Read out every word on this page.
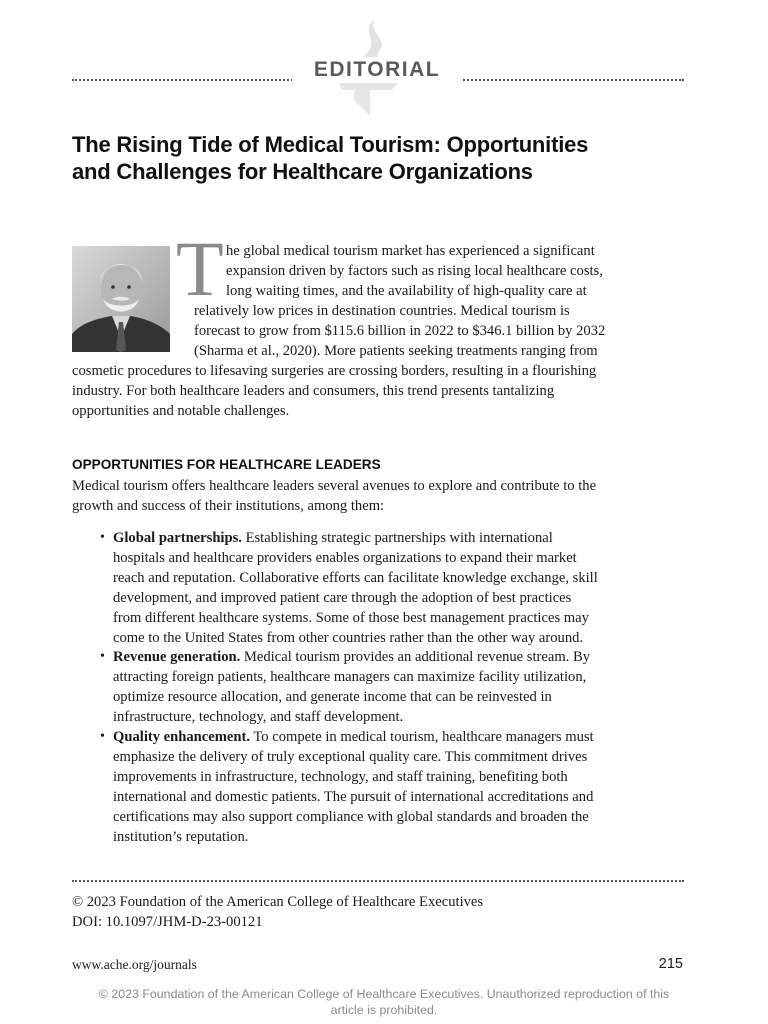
EDITORIAL
The Rising Tide of Medical Tourism: Opportunities
and Challenges for Healthcare Organizations
T he global medical tourism market has experienced a significant
expansion driven by factors such as rising local healthcare costs,
long waiting times, and the availability of high-quality care at
relatively low prices in destination countries. Medical tourism is
forecast to grow from $115.6 billion in 2022 to $346.1 billion by 2032
(Sharma et al., 2020). More patients seeking treatments ranging from
cosmetic procedures to lifesaving surgeries are crossing borders, resulting in a flourishing
industry. For both healthcare leaders and consumers, this trend presents tantalizing
opportunities and notable challenges.
OPPORTUNITIES FOR HEALTHCARE LEADERS
Medical tourism offers healthcare leaders several avenues to explore and contribute to the
growth and success of their institutions, among them:
• Global partnerships. Establishing strategic partnerships with international
hospitals and healthcare providers enables organizations to expand their market
reach and reputation. Collaborative efforts can facilitate knowledge exchange, skill
development, and improved patient care through the adoption of best practices
from different healthcare systems. Some of those best management practices may
come to the United States from other countries rather than the other way around.
• Revenue generation. Medical tourism provides an additional revenue stream. By
attracting foreign patients, healthcare managers can maximize facility utilization,
optimize resource allocation, and generate income that can be reinvested in
infrastructure, technology, and staff development.
• Quality enhancement. To compete in medical tourism, healthcare managers must
emphasize the delivery of truly exceptional quality care. This commitment drives
improvements in infrastructure, technology, and staff training, benefiting both
international and domestic patients. The pursuit of international accreditations and
certifications may also support compliance with global standards and broaden the
institution’s reputation.
© 2023 Foundation of the American College of Healthcare Executives
DOI: 10.1097/JHM-D-23-00121
www.ache.org/journals	215
© 2023 Foundation of the American College of Healthcare Executives. Unauthorized reproduction of this
article is prohibited.
